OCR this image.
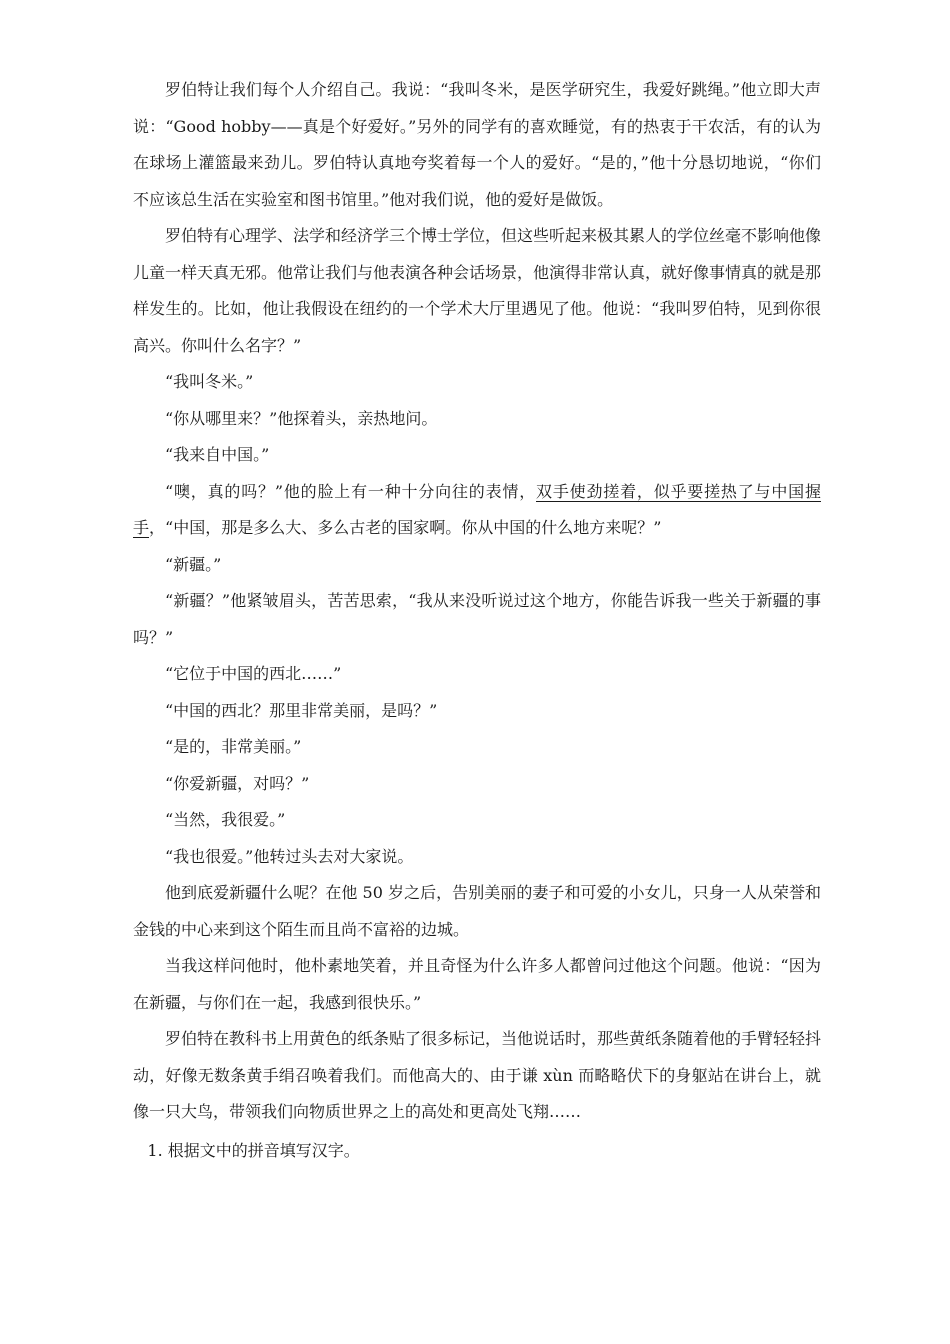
罗伯特让我们每个人介绍自己。我说：“我叫冬米，是医学研究生，我爱好跳绳。”他立即大声说：“Good hobby——真是个好爱好。”另外的同学有的喜欢睡觉，有的热衷于干农活，有的认为在球场上灌篮最来劲儿。罗伯特认真地夸奖着每一个人的爱好。“是的，”他十分恳切地说，“你们不应该总生活在实验室和图书馆里。”他对我们说，他的爱好是做饭。

罗伯特有心理学、法学和经济学三个博士学位，但这些听起来极其累人的学位丝毫不影响他像儿童一样天真无邪。他常让我们与他表演各种会话场景，他演得非常认真，就好像事情真的就是那样发生的。比如，他让我假设在纽约的一个学术大厅里遇见了他。他说：“我叫罗伯特，见到你很高兴。你叫什么名字？”

“我叫冬米。”

“你从哪里来？”他探着头，亲热地问。

“我来自中国。”

“噢，真的吗？”他的脸上有一种十分向往的表情，双手使劲搓着，似乎要搓热了与中国握手，“中国，那是多么大、多么古老的国家啊。你从中国的什么地方来呢？”

“新疆。”

“新疆？”他紧皱眉头，苦苦思索，“我从来没听说过这个地方，你能告诉我一些关于新疆的事吗？”

“它位于中国的西北……”

“中国的西北？那里非常美丽，是吗？”

“是的，非常美丽。”

“你爱新疆，对吗？”

“当然，我很爱。”

“我也很爱。”他转过头去对大家说。

他到底爱新疆什么呢？在他 50 岁之后，告别美丽的妻子和可爱的小女儿，只身一人从荣誉和金钱的中心来到这个陌生而且尚不富裕的边城。

当我这样问他时，他朴素地笑着，并且奇怪为什么许多人都曾问过他这个问题。他说：“因为在新疆，与你们在一起，我感到很快乐。”

罗伯特在教科书上用黄色的纸条贴了很多标记，当他说话时，那些黄纸条随着他的手臂轻轻抖动，好像无数条黄手绢召唤着我们。而他高大的、由于谦 xùn 而略略伏下的身躯站在讲台上，就像一只大鸟，带领我们向物质世界之上的高处和更高处飞翔……

1. 根据文中的拼音填写汉字。
